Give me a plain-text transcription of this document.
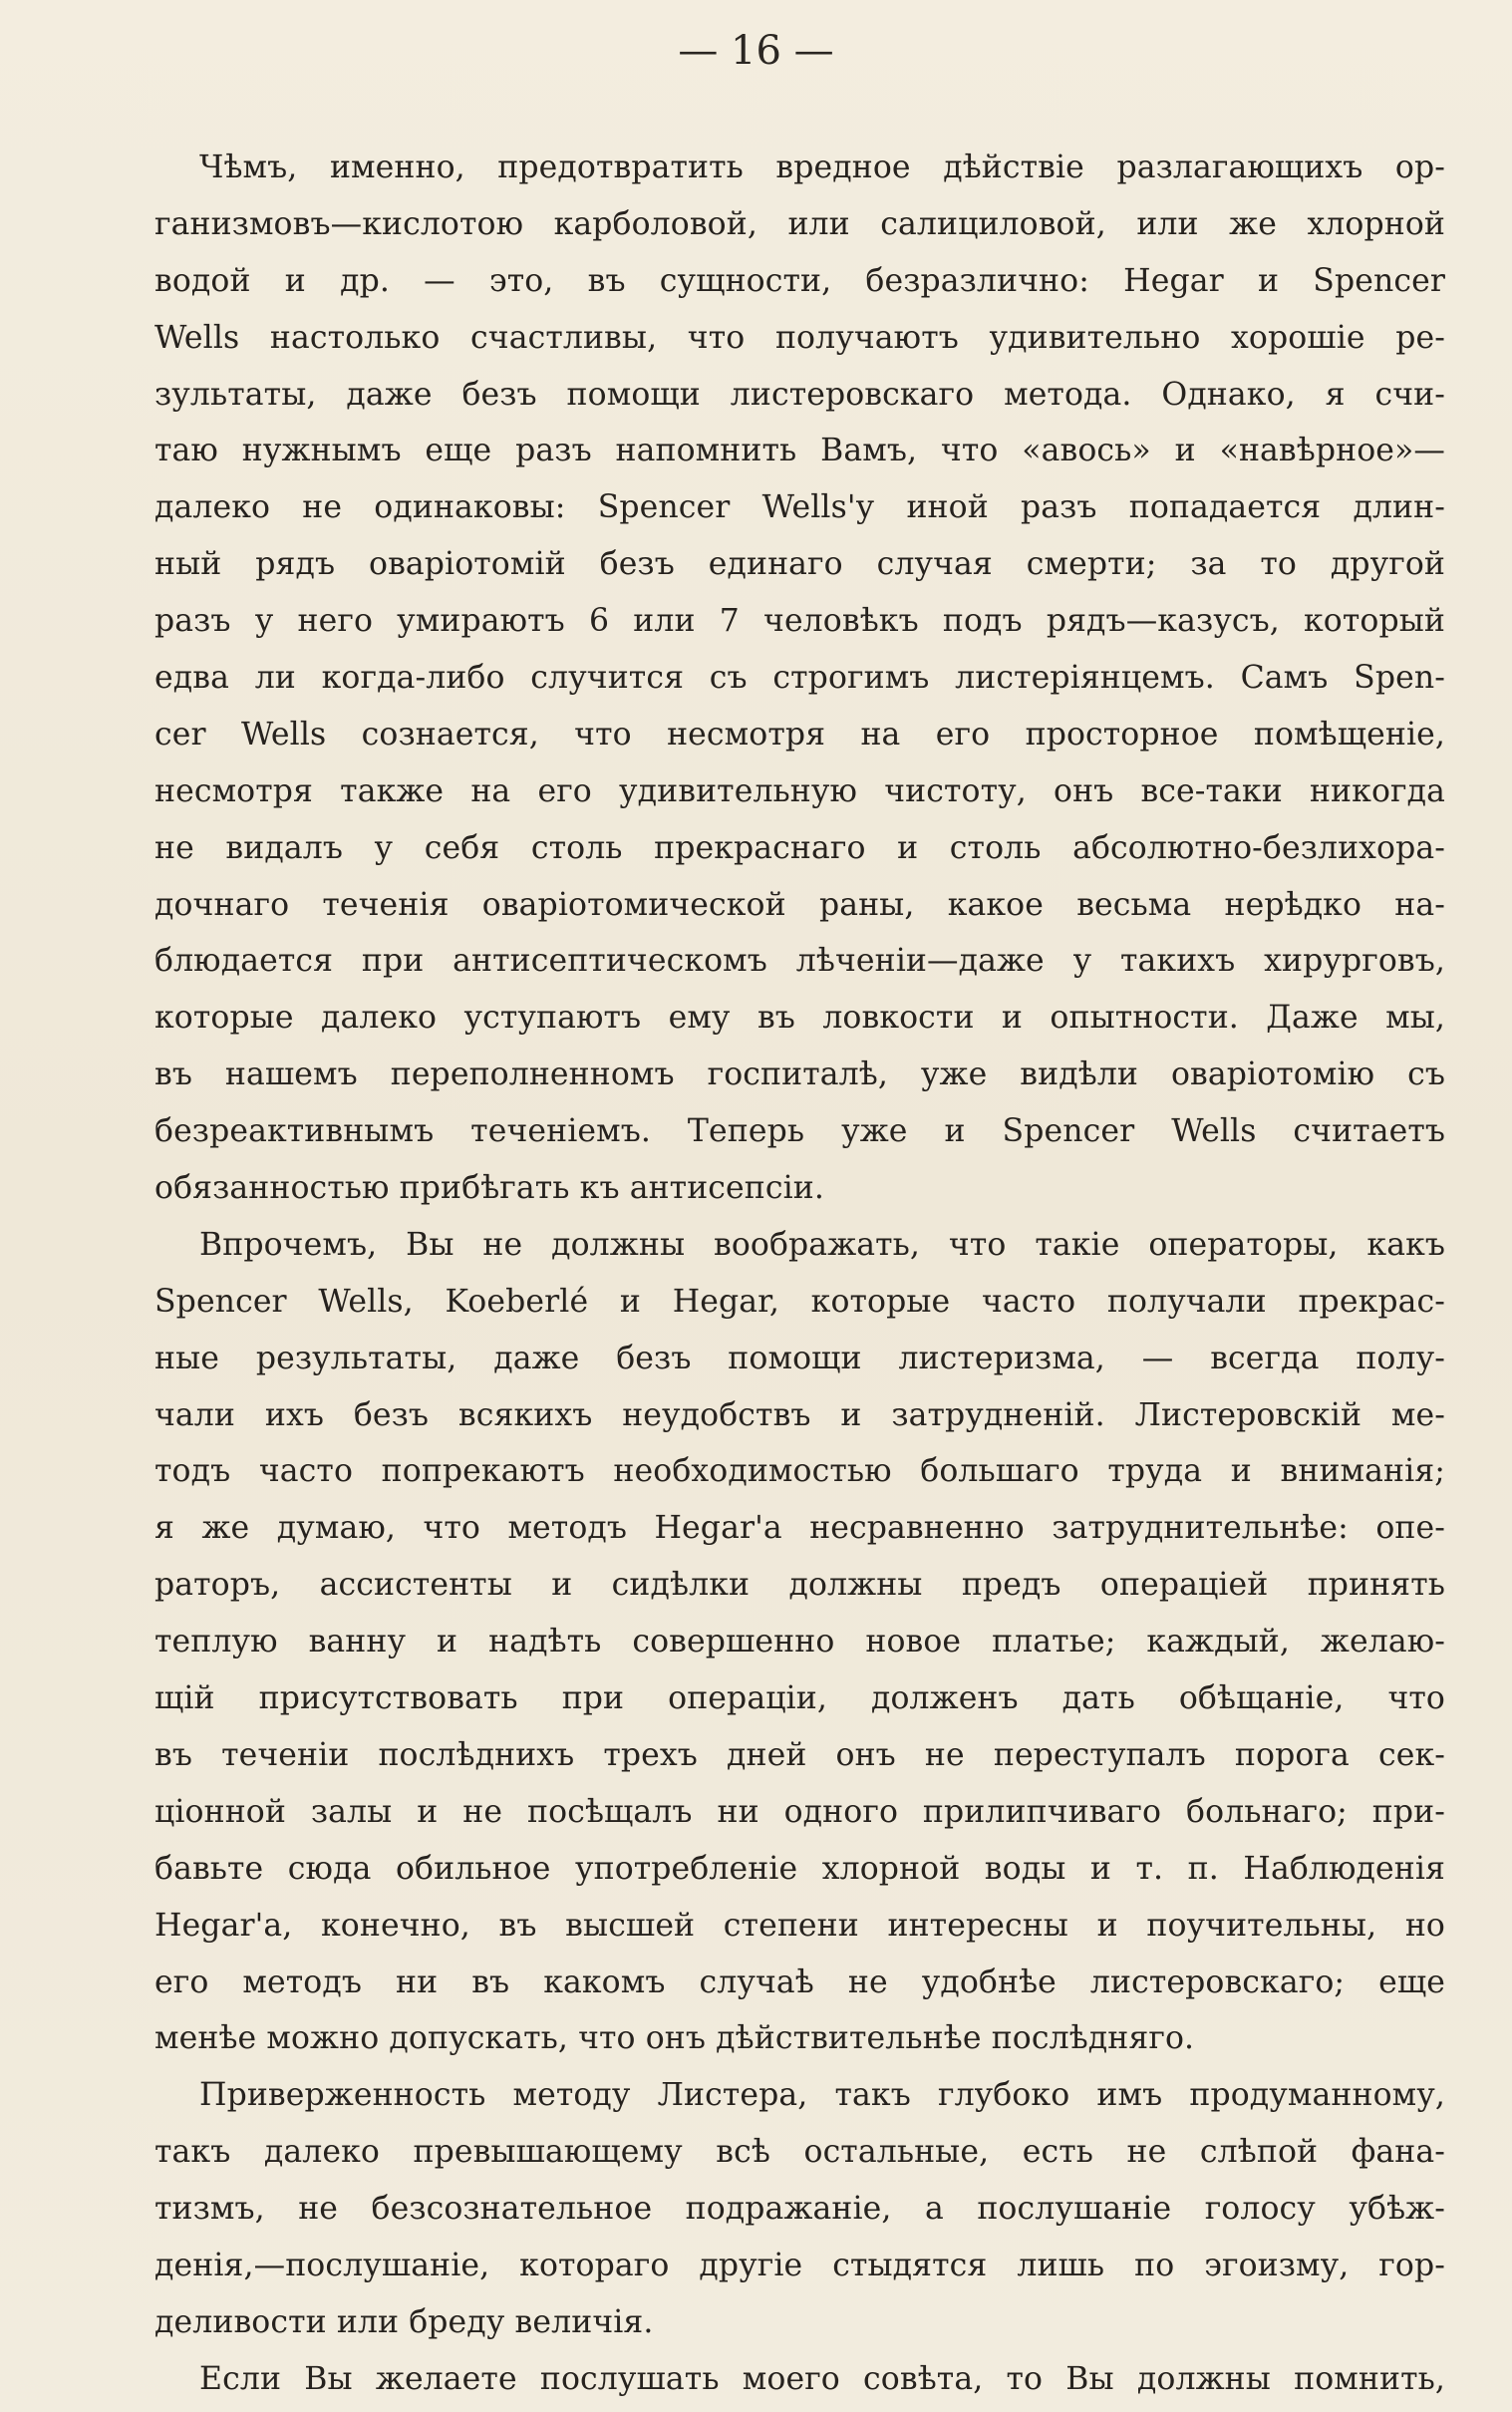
— 16 —
Чѣмъ, именно, предотвратить вредное дѣйствіе разлагающихъ ор-
ганизмовъ—кислотою карболовой, или салициловой, или же хлорной
водой и др. — это, въ сущности, безразлично: Hegar и Spencer
Wells настолько счастливы, что получаютъ удивительно хорошіе ре-
зультаты, даже безъ помощи листеровскаго метода. Однако, я счи-
таю нужнымъ еще разъ напомнить Вамъ, что «авось» и «навѣрное»—
далеко не одинаковы: Spencer Wells'у иной разъ попадается длин-
ный рядъ оваріотомій безъ единаго случая смерти; за то другой
разъ у него умираютъ 6 или 7 человѣкъ подъ рядъ—казусъ, который
едва ли когда-либо случится съ строгимъ листеріянцемъ. Самъ Spen-
cer Wells сознается, что несмотря на его просторное помѣщеніе,
несмотря также на его удивительную чистоту, онъ все-таки никогда
не видалъ у себя столь прекраснаго и столь абсолютно-безлихора-
дочнаго теченія оваріотомической раны, какое весьма нерѣдко на-
блюдается при антисептическомъ лѣченіи—даже у такихъ хирурговъ,
которые далеко уступаютъ ему въ ловкости и опытности. Даже мы,
въ нашемъ переполненномъ госпиталѣ, уже видѣли оваріотомію съ
безреактивнымъ теченіемъ. Теперь уже и Spencer Wells считаетъ
обязанностью прибѣгать къ антисепсіи.
Впрочемъ, Вы не должны воображать, что такіе операторы, какъ
Spencer Wells, Koeberlé и Hegar, которые часто получали прекрас-
ные результаты, даже безъ помощи листеризма, — всегда полу-
чали ихъ безъ всякихъ неудобствъ и затрудненій. Листеровскій ме-
тодъ часто попрекаютъ необходимостью большаго труда и вниманія;
я же думаю, что методъ Hegar'а несравненно затруднительнѣе: опе-
раторъ, ассистенты и сидѣлки должны предъ операціей принять
теплую ванну и надѣть совершенно новое платье; каждый, желаю-
щій присутствовать при операціи, долженъ дать обѣщаніе, что
въ теченіи послѣднихъ трехъ дней онъ не переступалъ порога сек-
ціонной залы и не посѣщалъ ни одного прилипчиваго больнаго; при-
бавьте сюда обильное употребленіе хлорной воды и т. п. Наблюденія
Hegar'а, конечно, въ высшей степени интересны и поучительны, но
его методъ ни въ какомъ случаѣ не удобнѣе листеровскаго; еще
менѣе можно допускать, что онъ дѣйствительнѣе послѣдняго.
Приверженность методу Листера, такъ глубоко имъ продуманному,
такъ далеко превышающему всѣ остальные, есть не слѣпой фана-
тизмъ, не безсознательное подражаніе, а послушаніе голосу убѣж-
денія,—послушаніе, котораго другіе стыдятся лишь по эгоизму, гор-
деливости или бреду величія.
Если Вы желаете послушать моего совѣта, то Вы должны помнить,
